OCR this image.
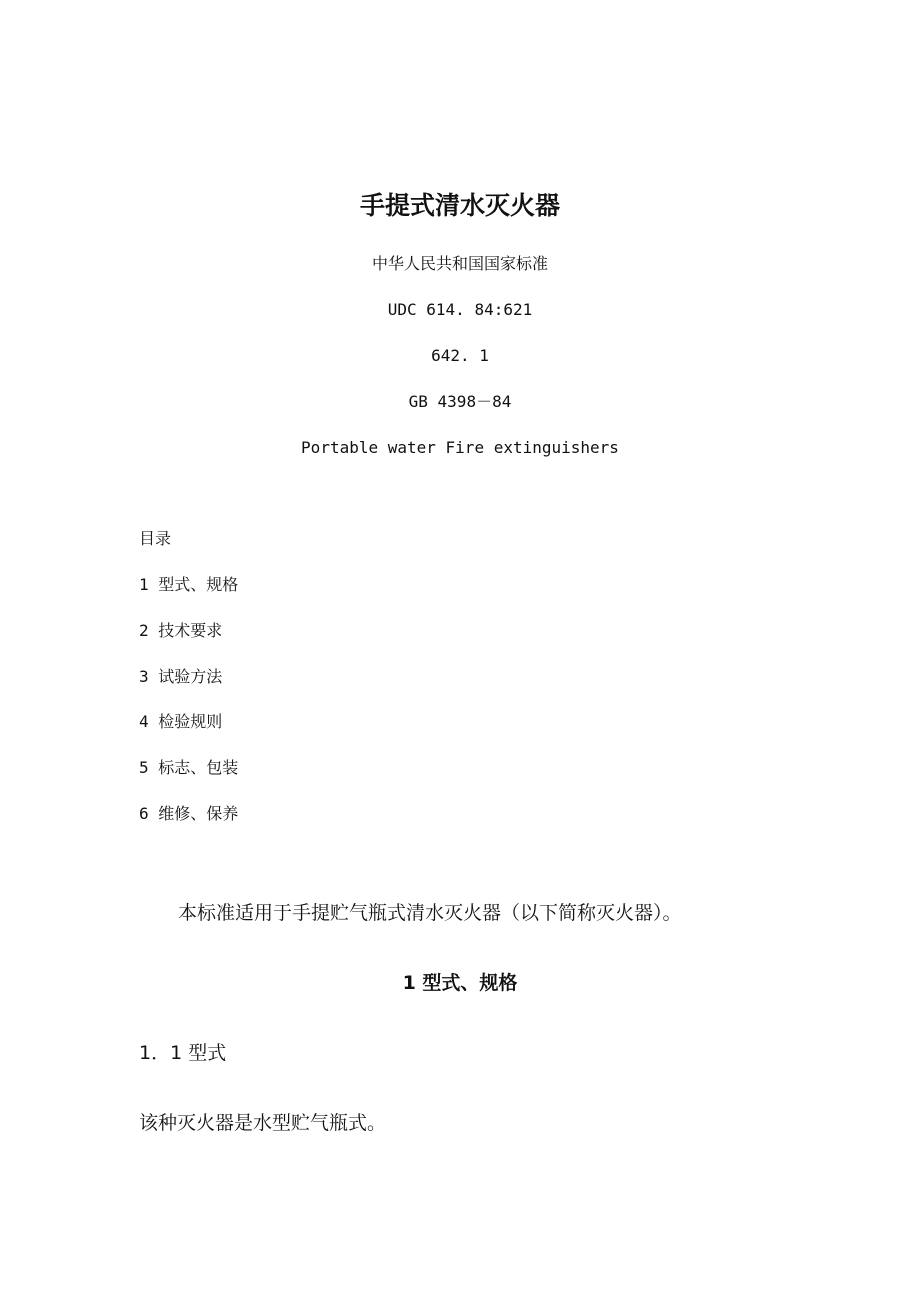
手提式清水灭火器
中华人民共和国国家标准
UDC 614. 84:621
642. 1
GB 4398－84
Portable water Fire extinguishers
目录
1 型式、规格
2 技术要求
3 试验方法
4 检验规则
5 标志、包装
6 维修、保养
本标准适用于手提贮气瓶式清水灭火器（以下简称灭火器）。
1 型式、规格
1．1 型式
该种灭火器是水型贮气瓶式。
